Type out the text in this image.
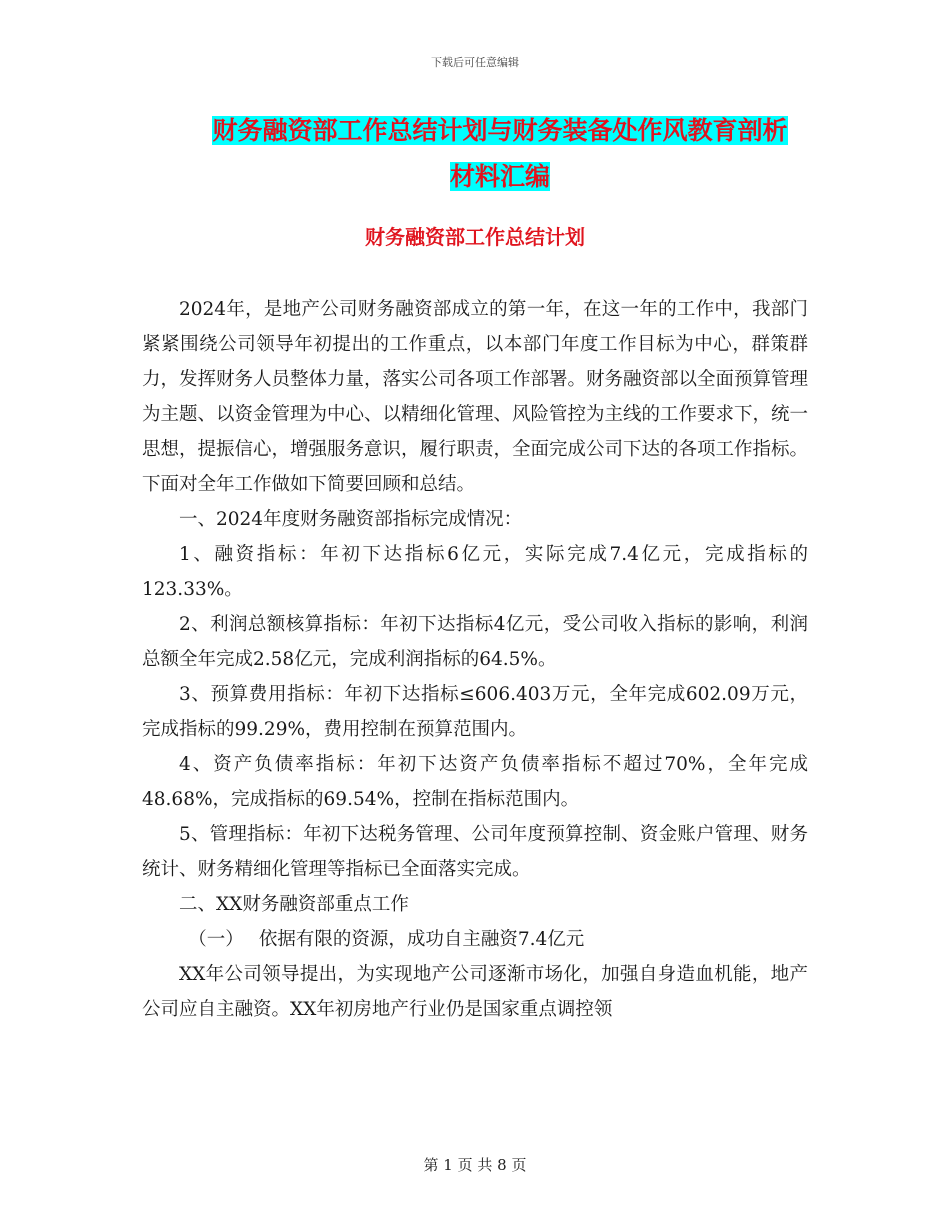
下载后可任意编辑
财务融资部工作总结计划与财务装备处作风教育剖析
材料汇编
财务融资部工作总结计划

2024年，是地产公司财务融资部成立的第一年，在这一年的工作中，我部门紧紧围绕公司领导年初提出的工作重点，以本部门年度工作目标为中心，群策群力，发挥财务人员整体力量，落实公司各项工作部署。财务融资部以全面预算管理为主题、以资金管理为中心、以精细化管理、风险管控为主线的工作要求下，统一思想，提振信心，增强服务意识，履行职责，全面完成公司下达的各项工作指标。下面对全年工作做如下简要回顾和总结。

一、2024年度财务融资部指标完成情况：

1、融资指标：年初下达指标6亿元，实际完成7.4亿元，完成指标的 123.33%。

2、利润总额核算指标：年初下达指标4亿元，受公司收入指标的影响，利润总额全年完成2.58亿元，完成利润指标的64.5%。

3、预算费用指标：年初下达指标≤606.403万元，全年完成602.09万元，完成指标的99.29%，费用控制在预算范围内。

4、资产负债率指标：年初下达资产负债率指标不超过70%，全年完成48.68%，完成指标的69.54%，控制在指标范围内。

5、管理指标：年初下达税务管理、公司年度预算控制、资金账户管理、财务统计、财务精细化管理等指标已全面落实完成。

二、XX财务融资部重点工作

（一）　 依据有限的资源，成功自主融资7.4亿元

XX年公司领导提出，为实现地产公司逐渐市场化，加强自身造血机能，地产公司应自主融资。XX年初房地产行业仍是国家重点调控领

第 1 页 共 8 页
